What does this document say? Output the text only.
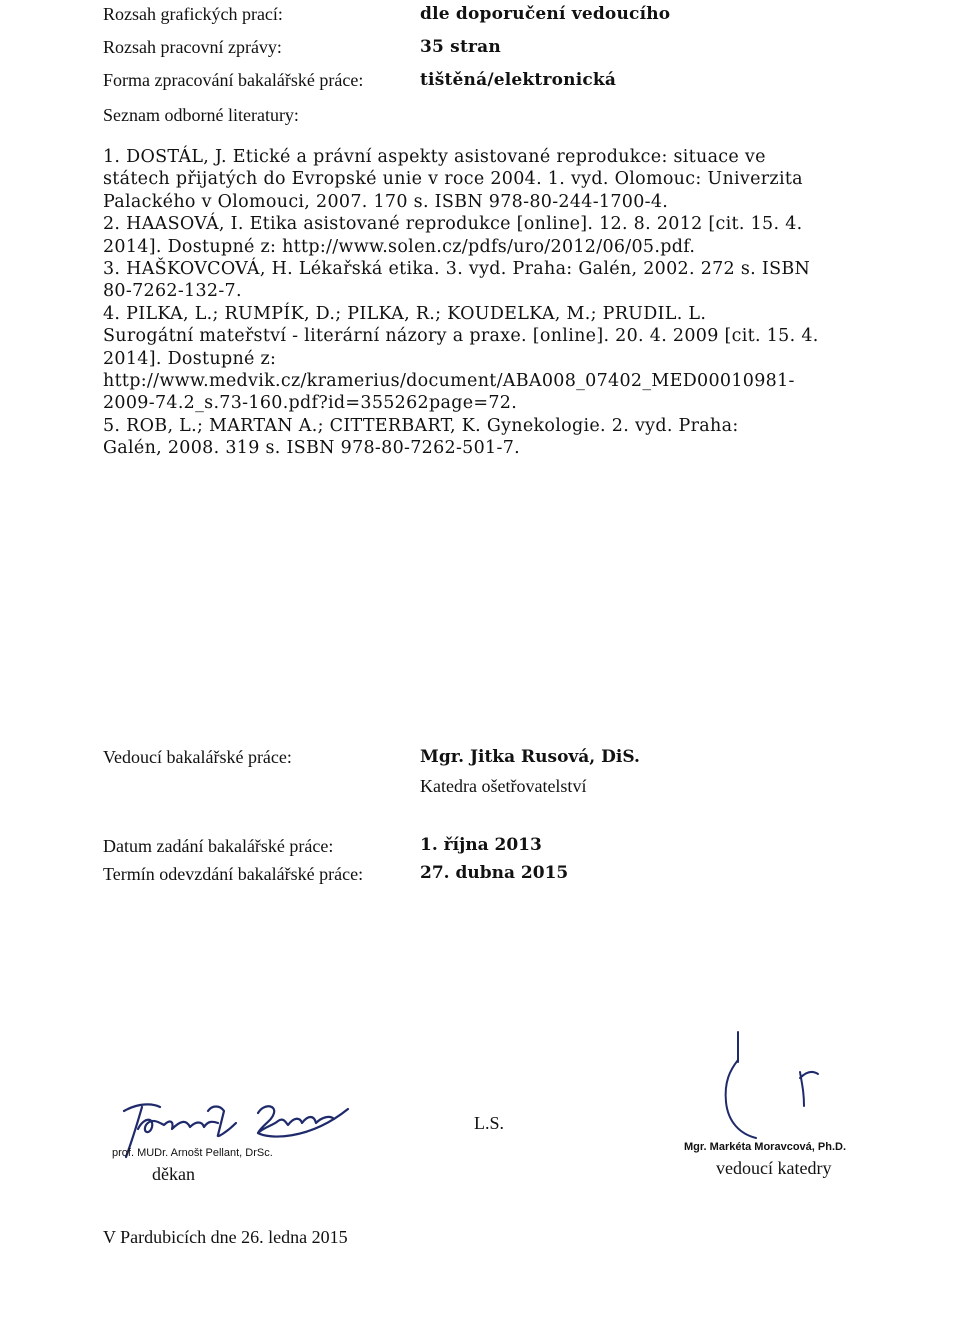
Rozsah grafických prací:	dle doporučení vedoucího
Rozsah pracovní zprávy:	35 stran
Forma zpracování bakalářské práce:	tištěná/elektronická
Seznam odborné literatury:
1. DOSTÁL, J. Etické a právní aspekty asistované reprodukce: situace ve
státech přijatých do Evropské unie v roce 2004. 1. vyd. Olomouc: Univerzita
Palackého v Olomouci, 2007. 170 s. ISBN 978-80-244-1700-4.
2. HAASOVÁ, I. Etika asistované reprodukce [online]. 12. 8. 2012 [cit. 15. 4.
2014]. Dostupné z: http://www.solen.cz/pdfs/uro/2012/06/05.pdf.
3. HAŠKOVCOVÁ, H. Lékařská etika. 3. vyd. Praha: Galén, 2002. 272 s. ISBN
80-7262-132-7.
4. PILKA, L.; RUMPÍK, D.; PILKA, R.; KOUDELKA, M.; PRUDIL. L.
Surogátní mateřství - literární názory a praxe. [online]. 20. 4. 2009 [cit. 15. 4.
2014]. Dostupné z:
http://www.medvik.cz/kramerius/document/ABA008_07402_MED00010981-
2009-74.2_s.73-160.pdf?id=355262page=72.
5. ROB, L.; MARTAN A.; CITTERBART, K. Gynekologie. 2. vyd. Praha:
Galén, 2008. 319 s. ISBN 978-80-7262-501-7.
Vedoucí bakalářské práce:	Mgr. Jitka Rusová, DiS.
Katedra ošetřovatelství
Datum zadání bakalářské práce:	1. října 2013
Termín odevzdání bakalářské práce:	27. dubna 2015
prof. MUDr. Arnošt Pellant, DrSc.
děkan
L.S.
Mgr. Markéta Moravcová, Ph.D.
vedoucí katedry
V Pardubicích dne 26. ledna 2015
